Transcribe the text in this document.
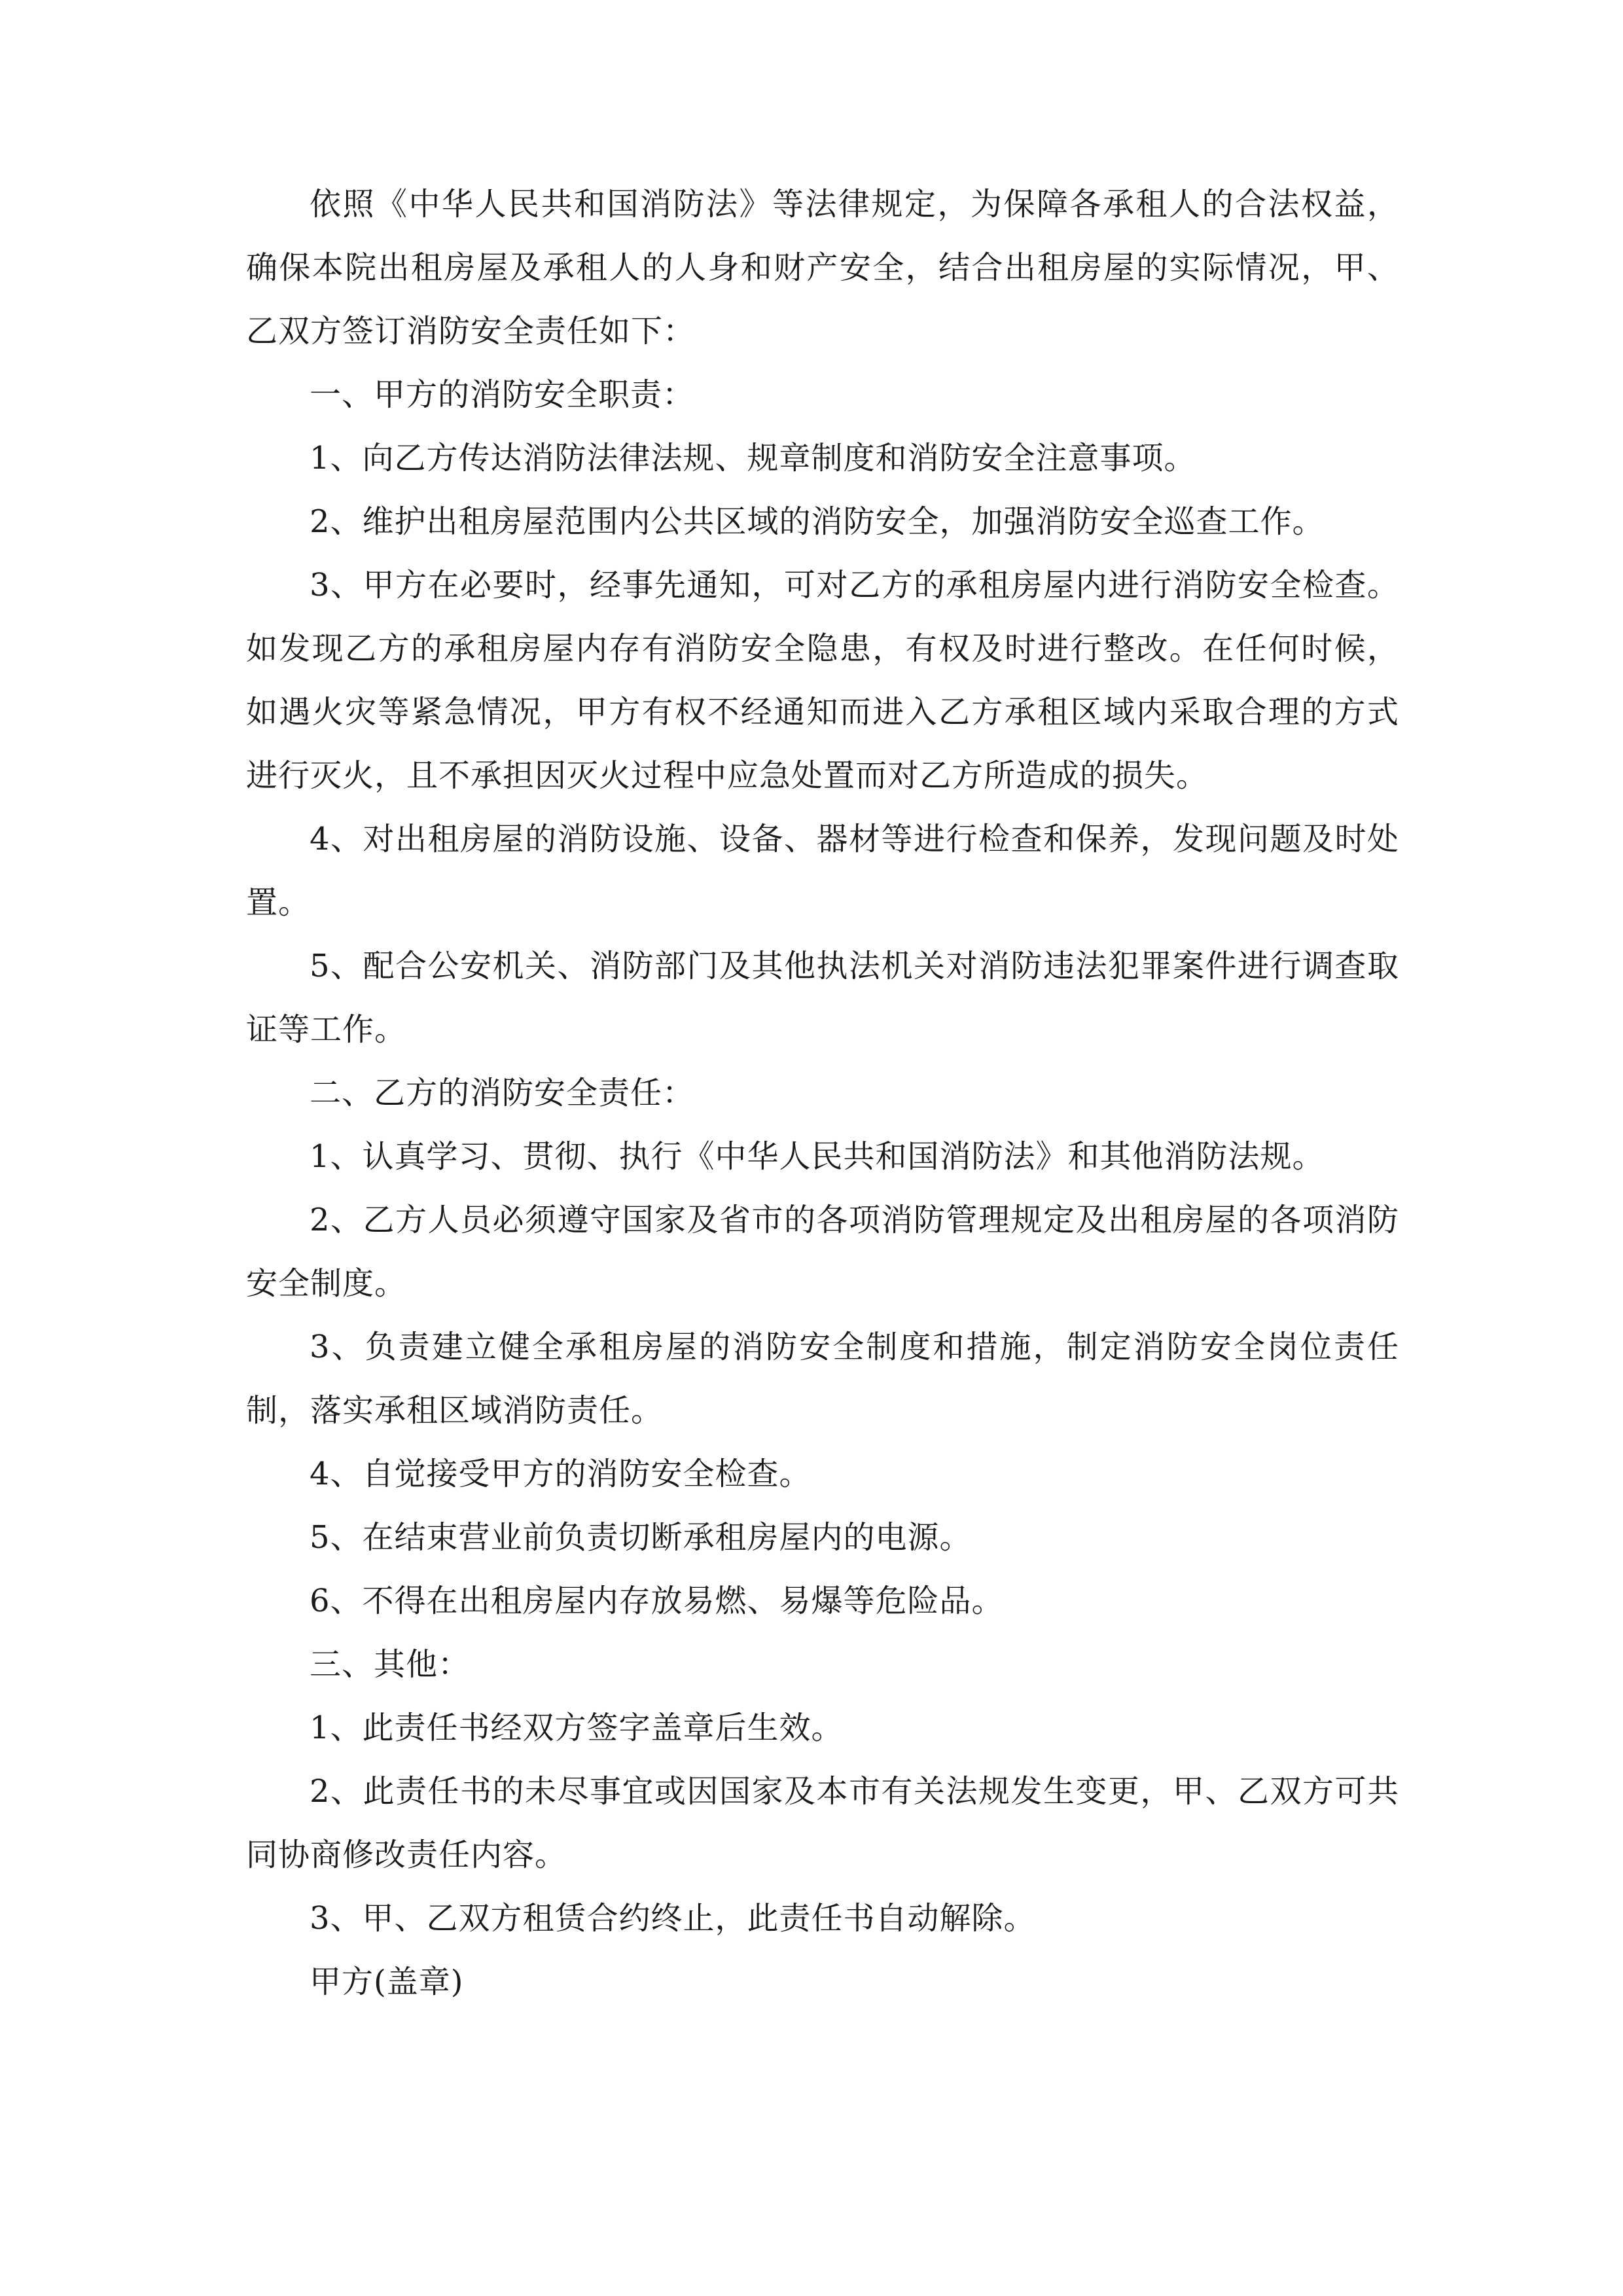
依照《中华人民共和国消防法》等法律规定，为保障各承租人的合法权益，确保本院出租房屋及承租人的人身和财产安全，结合出租房屋的实际情况，甲、乙双方签订消防安全责任如下：

一、甲方的消防安全职责：

1、向乙方传达消防法律法规、规章制度和消防安全注意事项。

2、维护出租房屋范围内公共区域的消防安全，加强消防安全巡查工作。

3、甲方在必要时，经事先通知，可对乙方的承租房屋内进行消防安全检查。如发现乙方的承租房屋内存有消防安全隐患，有权及时进行整改。在任何时候，如遇火灾等紧急情况，甲方有权不经通知而进入乙方承租区域内采取合理的方式进行灭火，且不承担因灭火过程中应急处置而对乙方所造成的损失。

4、对出租房屋的消防设施、设备、器材等进行检查和保养，发现问题及时处置。

5、配合公安机关、消防部门及其他执法机关对消防违法犯罪案件进行调查取证等工作。

二、乙方的消防安全责任：

1、认真学习、贯彻、执行《中华人民共和国消防法》和其他消防法规。

2、乙方人员必须遵守国家及省市的各项消防管理规定及出租房屋的各项消防安全制度。

3、负责建立健全承租房屋的消防安全制度和措施，制定消防安全岗位责任制，落实承租区域消防责任。

4、自觉接受甲方的消防安全检查。

5、在结束营业前负责切断承租房屋内的电源。

6、不得在出租房屋内存放易燃、易爆等危险品。

三、其他：

1、此责任书经双方签字盖章后生效。

2、此责任书的未尽事宜或因国家及本市有关法规发生变更，甲、乙双方可共同协商修改责任内容。

3、甲、乙双方租赁合约终止，此责任书自动解除。

甲方(盖章)
